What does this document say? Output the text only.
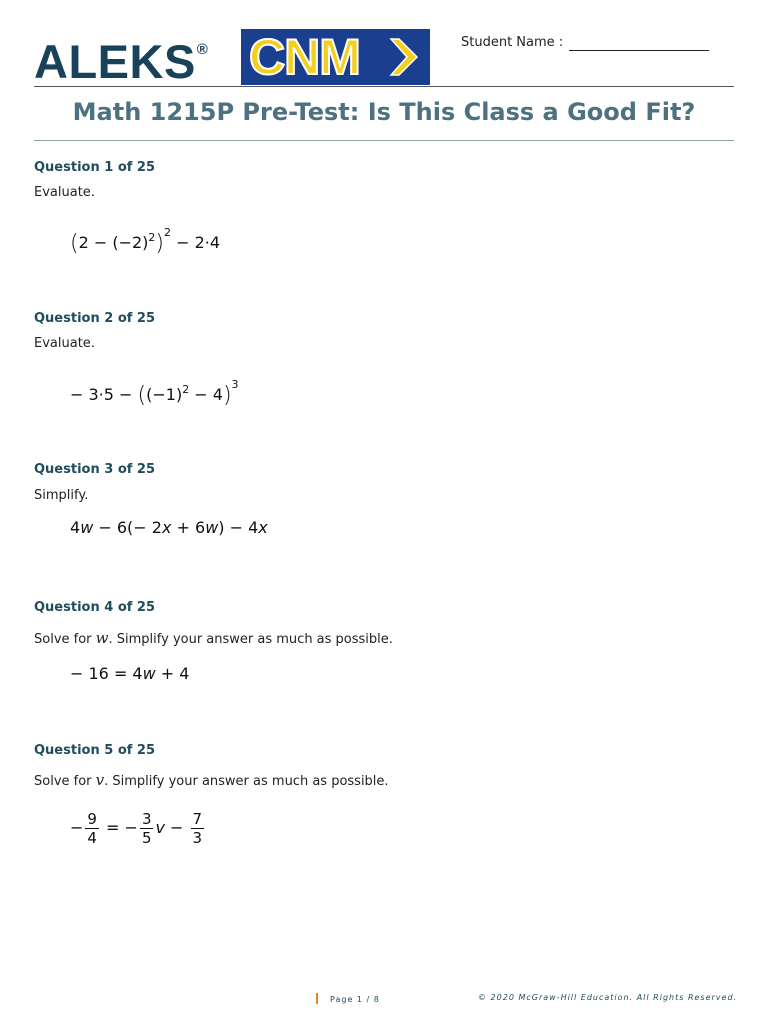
ALEKS® CNM	Student Name :
Math 1215P Pre-Test: Is This Class a Good Fit?
Question 1 of 25
Evaluate.
$(2 - (-2)^2)^2 - 2\cdot 4$
Question 2 of 25
Evaluate.
− $3\cdot 5 - ((-1)^2 - 4)^3$
Question 3 of 25
Simplify.
4w − 6(− 2x + 6w) − 4x
Question 4 of 25
Solve for w. Simplify your answer as much as possible.
− 16 = 4w + 4
Question 5 of 25
Solve for v. Simplify your answer as much as possible.
− $\frac{9}{4}$ = − $\frac{3}{5}$ $v - \frac{7}{3}$
Page 1 / 8	© 2020 McGraw-Hill Education. All Rights Reserved.
